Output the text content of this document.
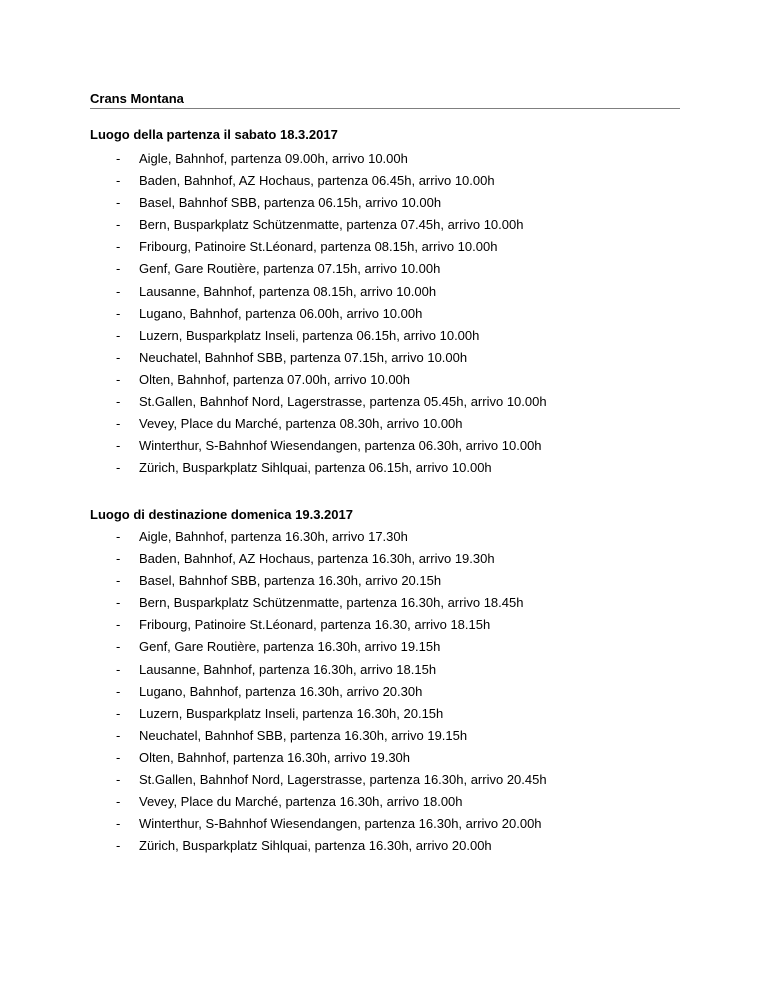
Crans Montana
Luogo della partenza il sabato 18.3.2017
- Aigle, Bahnhof, partenza 09.00h, arrivo 10.00h
- Baden, Bahnhof, AZ Hochaus, partenza 06.45h, arrivo 10.00h
- Basel, Bahnhof SBB, partenza 06.15h, arrivo 10.00h
- Bern, Busparkplatz Schützenmatte, partenza 07.45h, arrivo 10.00h
- Fribourg, Patinoire St.Léonard, partenza 08.15h, arrivo 10.00h
- Genf, Gare Routière, partenza 07.15h, arrivo 10.00h
- Lausanne, Bahnhof, partenza 08.15h, arrivo 10.00h
- Lugano, Bahnhof, partenza 06.00h, arrivo 10.00h
- Luzern, Busparkplatz Inseli, partenza 06.15h, arrivo 10.00h
- Neuchatel, Bahnhof SBB, partenza 07.15h, arrivo 10.00h
- Olten, Bahnhof, partenza 07.00h, arrivo 10.00h
- St.Gallen, Bahnhof Nord, Lagerstrasse, partenza 05.45h, arrivo 10.00h
- Vevey, Place du Marché, partenza 08.30h, arrivo 10.00h
- Winterthur, S-Bahnhof Wiesendangen, partenza 06.30h, arrivo 10.00h
- Zürich, Busparkplatz Sihlquai, partenza 06.15h, arrivo 10.00h
Luogo di destinazione domenica 19.3.2017
- Aigle, Bahnhof, partenza 16.30h, arrivo 17.30h
- Baden, Bahnhof, AZ Hochaus, partenza 16.30h, arrivo 19.30h
- Basel, Bahnhof SBB, partenza 16.30h, arrivo 20.15h
- Bern, Busparkplatz Schützenmatte, partenza 16.30h, arrivo 18.45h
- Fribourg, Patinoire St.Léonard, partenza 16.30, arrivo 18.15h
- Genf, Gare Routière, partenza 16.30h, arrivo 19.15h
- Lausanne, Bahnhof, partenza 16.30h, arrivo 18.15h
- Lugano, Bahnhof, partenza 16.30h, arrivo 20.30h
- Luzern, Busparkplatz Inseli, partenza 16.30h, 20.15h
- Neuchatel, Bahnhof SBB, partenza 16.30h, arrivo 19.15h
- Olten, Bahnhof, partenza 16.30h, arrivo 19.30h
- St.Gallen, Bahnhof Nord, Lagerstrasse, partenza 16.30h, arrivo 20.45h
- Vevey, Place du Marché, partenza 16.30h, arrivo 18.00h
- Winterthur, S-Bahnhof Wiesendangen, partenza 16.30h, arrivo 20.00h
- Zürich, Busparkplatz Sihlquai, partenza 16.30h, arrivo 20.00h
